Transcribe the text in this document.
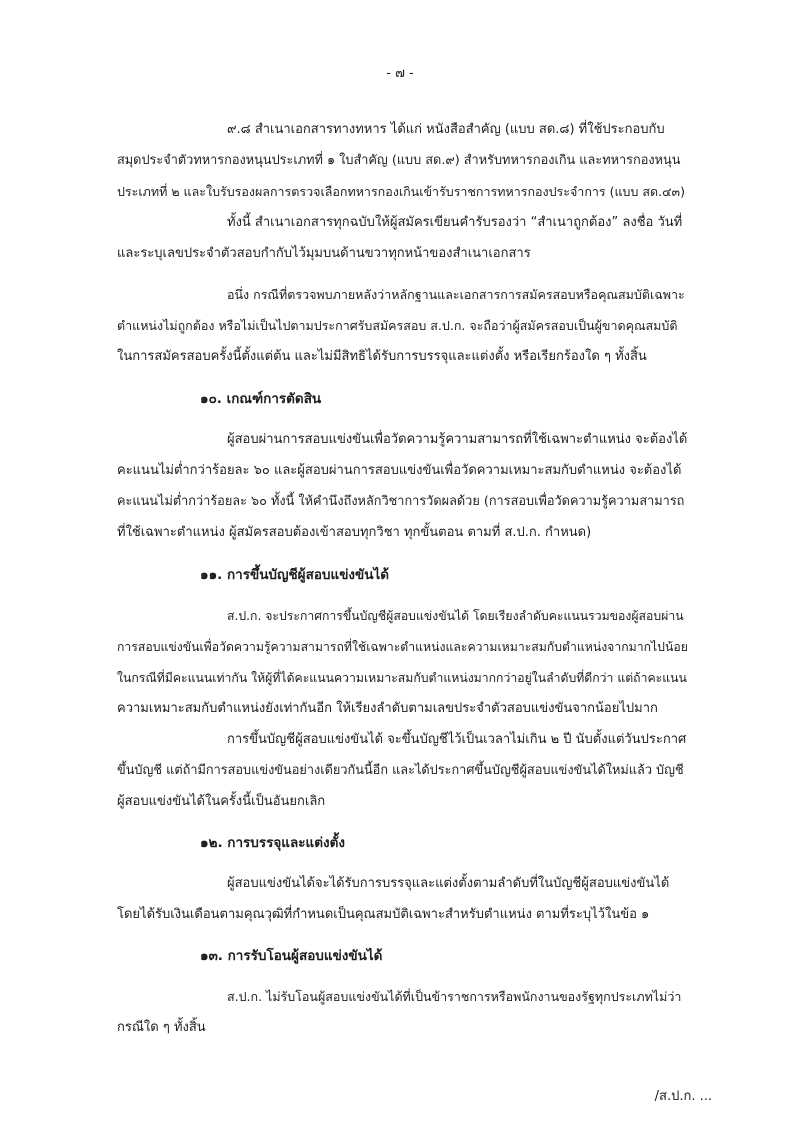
- ๗ -
๙.๘ สำเนาเอกสารทางทหาร ได้แก่ หนังสือสำคัญ (แบบ สด.๘) ที่ใช้ประกอบกับ
สมุดประจำตัวทหารกองหนุนประเภทที่ ๑ ใบสำคัญ (แบบ สด.๙) สำหรับทหารกองเกิน และทหารกองหนุน
ประเภทที่ ๒ และใบรับรองผลการตรวจเลือกทหารกองเกินเข้ารับราชการทหารกองประจำการ (แบบ สด.๔๓)
ทั้งนี้ สำเนาเอกสารทุกฉบับให้ผู้สมัครเขียนคำรับรองว่า “สำเนาถูกต้อง” ลงชื่อ วันที่
และระบุเลขประจำตัวสอบกำกับไว้มุมบนด้านขวาทุกหน้าของสำเนาเอกสาร
อนึ่ง กรณีที่ตรวจพบภายหลังว่าหลักฐานและเอกสารการสมัครสอบหรือคุณสมบัติเฉพาะ
ตำแหน่งไม่ถูกต้อง หรือไม่เป็นไปตามประกาศรับสมัครสอบ ส.ป.ก. จะถือว่าผู้สมัครสอบเป็นผู้ขาดคุณสมบัติ
ในการสมัครสอบครั้งนี้ตั้งแต่ต้น และไม่มีสิทธิได้รับการบรรจุและแต่งตั้ง หรือเรียกร้องใด ๆ ทั้งสิ้น
๑๐. เกณฑ์การตัดสิน
ผู้สอบผ่านการสอบแข่งขันเพื่อวัดความรู้ความสามารถที่ใช้เฉพาะตำแหน่ง จะต้องได้
คะแนนไม่ต่ำกว่าร้อยละ ๖๐ และผู้สอบผ่านการสอบแข่งขันเพื่อวัดความเหมาะสมกับตำแหน่ง จะต้องได้
คะแนนไม่ต่ำกว่าร้อยละ ๖๐ ทั้งนี้ ให้คำนึงถึงหลักวิชาการวัดผลด้วย (การสอบเพื่อวัดความรู้ความสามารถ
ที่ใช้เฉพาะตำแหน่ง ผู้สมัครสอบต้องเข้าสอบทุกวิชา ทุกขั้นตอน ตามที่ ส.ป.ก. กำหนด)
๑๑. การขึ้นบัญชีผู้สอบแข่งขันได้
ส.ป.ก. จะประกาศการขึ้นบัญชีผู้สอบแข่งขันได้ โดยเรียงลำดับคะแนนรวมของผู้สอบผ่าน
การสอบแข่งขันเพื่อวัดความรู้ความสามารถที่ใช้เฉพาะตำแหน่งและความเหมาะสมกับตำแหน่งจากมากไปน้อย
ในกรณีที่มีคะแนนเท่ากัน ให้ผู้ที่ได้คะแนนความเหมาะสมกับตำแหน่งมากกว่าอยู่ในลำดับที่ดีกว่า แต่ถ้าคะแนน
ความเหมาะสมกับตำแหน่งยังเท่ากันอีก ให้เรียงลำดับตามเลขประจำตัวสอบแข่งขันจากน้อยไปมาก
การขึ้นบัญชีผู้สอบแข่งขันได้ จะขึ้นบัญชีไว้เป็นเวลาไม่เกิน ๒ ปี นับตั้งแต่วันประกาศ
ขึ้นบัญชี แต่ถ้ามีการสอบแข่งขันอย่างเดียวกันนี้อีก และได้ประกาศขึ้นบัญชีผู้สอบแข่งขันได้ใหม่แล้ว บัญชี
ผู้สอบแข่งขันได้ในครั้งนี้เป็นอันยกเลิก
๑๒. การบรรจุและแต่งตั้ง
ผู้สอบแข่งขันได้จะได้รับการบรรจุและแต่งตั้งตามลำดับที่ในบัญชีผู้สอบแข่งขันได้
โดยได้รับเงินเดือนตามคุณวุฒิที่กำหนดเป็นคุณสมบัติเฉพาะสำหรับตำแหน่ง ตามที่ระบุไว้ในข้อ ๑
๑๓. การรับโอนผู้สอบแข่งขันได้
ส.ป.ก. ไม่รับโอนผู้สอบแข่งขันได้ที่เป็นข้าราชการหรือพนักงานของรัฐทุกประเภทไม่ว่า
กรณีใด ๆ ทั้งสิ้น
/ส.ป.ก. ...
